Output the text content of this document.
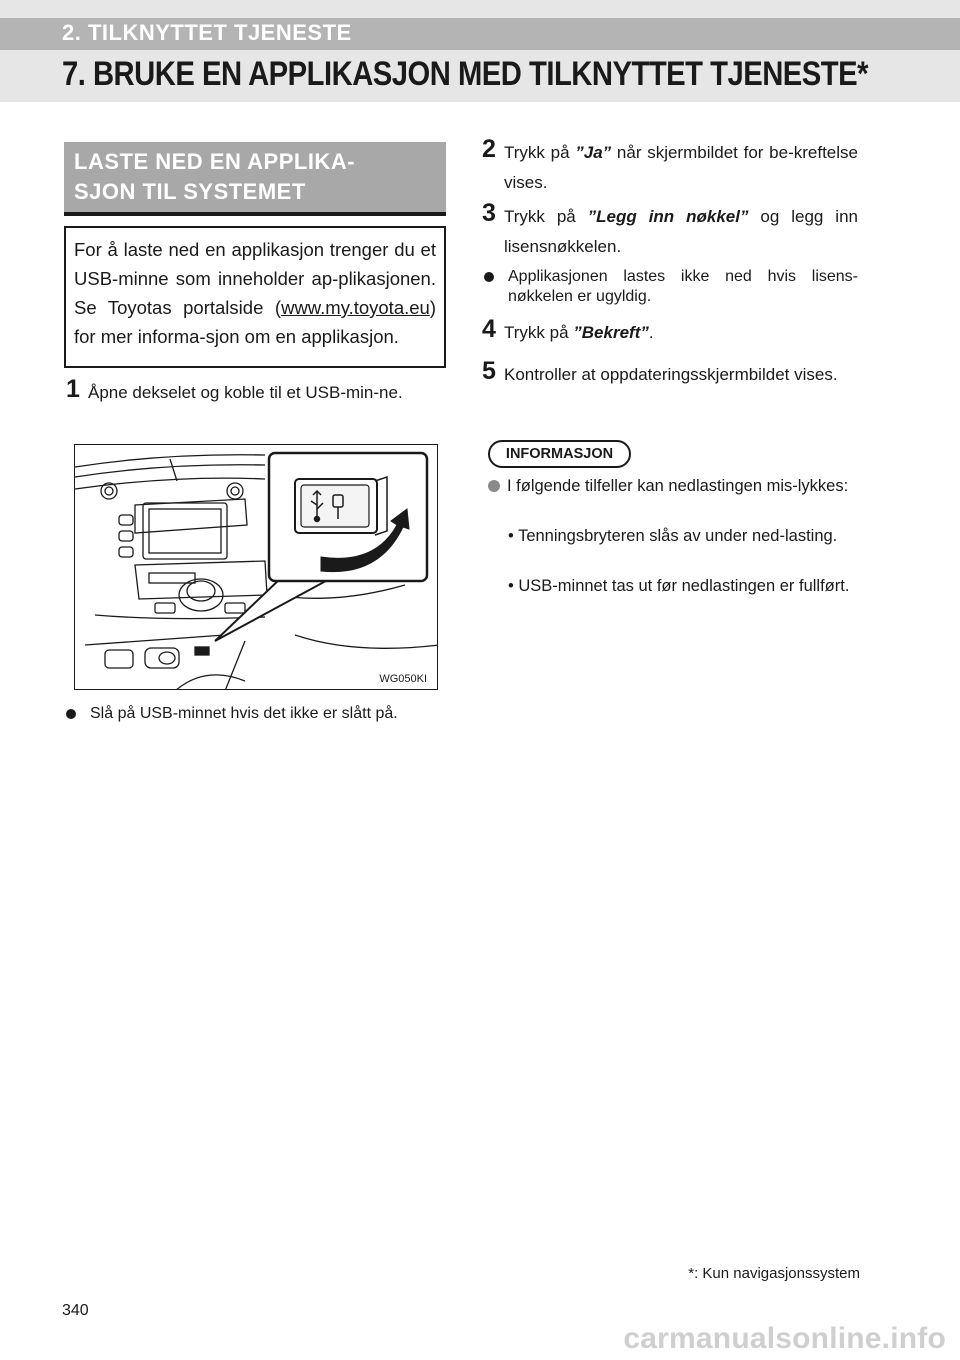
2. TILKNYTTET TJENESTE
7. BRUKE EN APPLIKASJON MED TILKNYTTET TJENESTE*
LASTE NED EN APPLIKA-
SJON TIL SYSTEMET
For å laste ned en applikasjon trenger du et USB-minne som inneholder ap-plikasjonen. Se Toyotas portalside (www.my.toyota.eu) for mer informa-sjon om en applikasjon.
1 Åpne dekselet og koble til et USB-min-ne.
WG050KI
Slå på USB-minnet hvis det ikke er slått på.
2 Trykk på ”Ja” når skjermbildet for be-kreftelse vises.
3 Trykk på ”Legg inn nøkkel” og legg inn lisensnøkkelen.
Applikasjonen lastes ikke ned hvis lisens-nøkkelen er ugyldig.
4 Trykk på ”Bekreft”.
5 Kontroller at oppdateringsskjermbildet vises.
INFORMASJON
I følgende tilfeller kan nedlastingen mis-lykkes:
• Tenningsbryteren slås av under ned-lasting.
• USB-minnet tas ut før nedlastingen er fullført.
*: Kun navigasjonssystem
340
carmanualsonline.info
